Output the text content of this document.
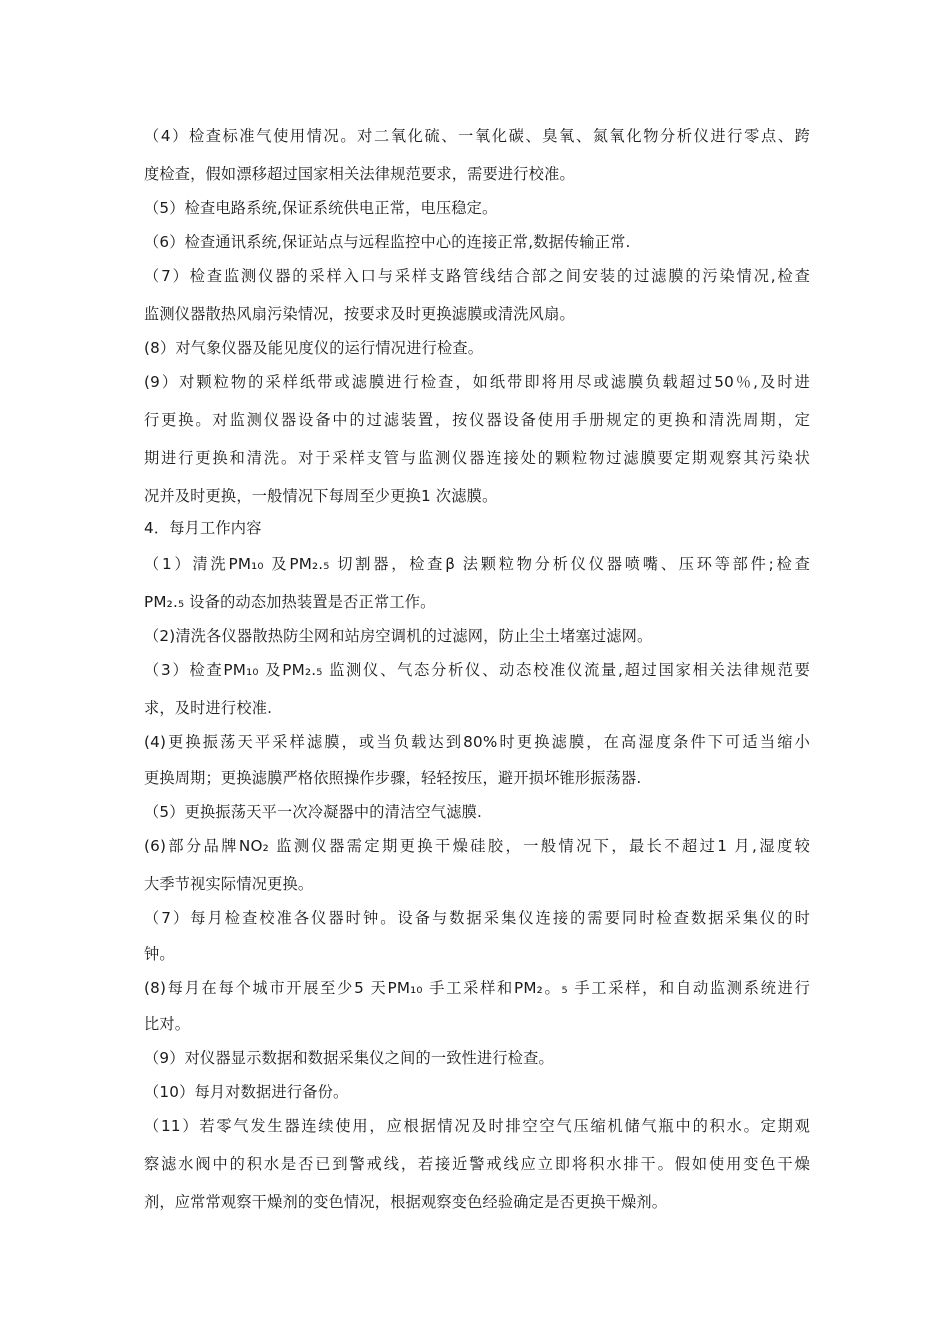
（4）检查标准气使用情况。对二氧化硫、一氧化碳、臭氧、氮氧化物分析仪进行零点、跨
度检查，假如漂移超过国家相关法律规范要求，需要进行校准。
（5）检查电路系统,保证系统供电正常，电压稳定。
（6）检查通讯系统,保证站点与远程监控中心的连接正常,数据传输正常.
（7）检查监测仪器的采样入口与采样支路管线结合部之间安装的过滤膜的污染情况,检查
监测仪器散热风扇污染情况，按要求及时更换滤膜或清洗风扇。
(8）对气象仪器及能见度仪的运行情况进行检查。
(9）对颗粒物的采样纸带或滤膜进行检查，如纸带即将用尽或滤膜负载超过50％,及时进
行更换。对监测仪器设备中的过滤装置，按仪器设备使用手册规定的更换和清洗周期，定
期进行更换和清洗。对于采样支管与监测仪器连接处的颗粒物过滤膜要定期观察其污染状
况并及时更换，一般情况下每周至少更换1 次滤膜。
4．每月工作内容
（1）清洗PM₁₀ 及PM₂.₅ 切割器，检查β 法颗粒物分析仪仪器喷嘴、压环等部件;检查
PM₂.₅ 设备的动态加热装置是否正常工作。
（2)清洗各仪器散热防尘网和站房空调机的过滤网，防止尘土堵塞过滤网。
（3）检查PM₁₀ 及PM₂.₅ 监测仪、气态分析仪、动态校准仪流量,超过国家相关法律规范要
求，及时进行校准.
(4)更换振荡天平采样滤膜，或当负载达到80%时更换滤膜，在高湿度条件下可适当缩小
更换周期；更换滤膜严格依照操作步骤，轻轻按压，避开损坏锥形振荡器.
（5）更换振荡天平一次冷凝器中的清洁空气滤膜.
(6)部分品牌NO₂ 监测仪器需定期更换干燥硅胶，一般情况下，最长不超过1 月,湿度较
大季节视实际情况更换。
（7）每月检查校准各仪器时钟。设备与数据采集仪连接的需要同时检查数据采集仪的时
钟。
(8)每月在每个城市开展至少5 天PM₁₀ 手工采样和PM₂。₅ 手工采样，和自动监测系统进行
比对。
（9）对仪器显示数据和数据采集仪之间的一致性进行检查。
（10）每月对数据进行备份。
（11）若零气发生器连续使用，应根据情况及时排空空气压缩机储气瓶中的积水。定期观
察滤水阀中的积水是否已到警戒线，若接近警戒线应立即将积水排干。假如使用变色干燥
剂，应常常观察干燥剂的变色情况，根据观察变色经验确定是否更换干燥剂。
